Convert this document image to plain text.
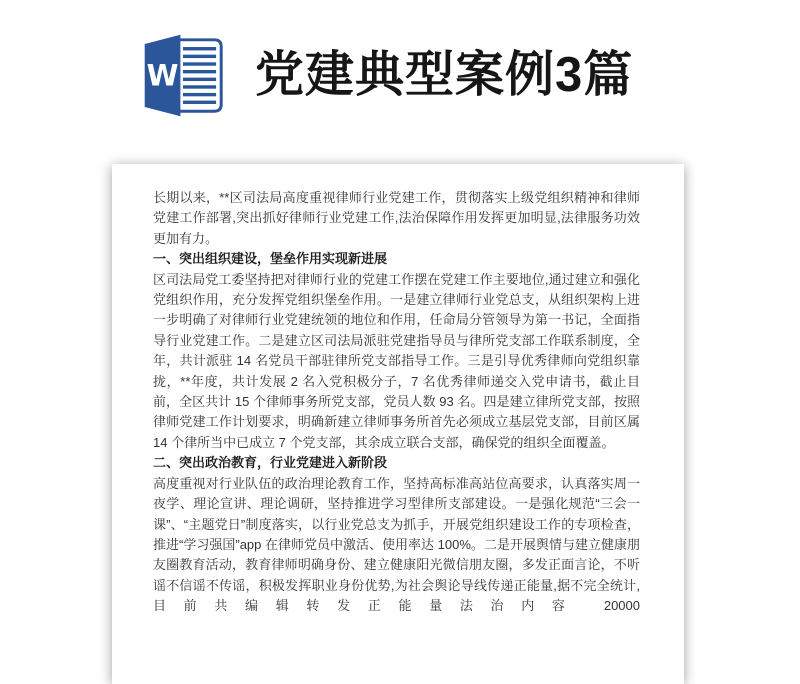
W 党建典型案例3篇
长期以来，**区司法局高度重视律师行业党建工作，贯彻落实上级党组织精神和律师党建工作部署,突出抓好律师行业党建工作,法治保障作用发挥更加明显,法律服务功效更加有力。
一、突出组织建设，堡垒作用实现新进展
区司法局党工委坚持把对律师行业的党建工作摆在党建工作主要地位,通过建立和强化党组织作用，充分发挥党组织堡垒作用。一是建立律师行业党总支，从组织架构上进一步明确了对律师行业党建统领的地位和作用，任命局分管领导为第一书记，全面指导行业党建工作。二是建立区司法局派驻党建指导员与律所党支部工作联系制度，全年，共计派驻 14 名党员干部驻律所党支部指导工作。三是引导优秀律师向党组织靠拢，**年度，共计发展 2 名入党积极分子，7 名优秀律师递交入党申请书，截止目前，全区共计 15 个律师事务所党支部，党员人数 93 名。四是建立律所党支部，按照律师党建工作计划要求，明确新建立律师事务所首先必须成立基层党支部，目前区属 14 个律所当中已成立 7 个党支部，其余成立联合支部，确保党的组织全面覆盖。
二、突出政治教育，行业党建进入新阶段
高度重视对行业队伍的政治理论教育工作，坚持高标准高站位高要求，认真落实周一夜学、理论宣讲、理论调研，坚持推进学习型律所支部建设。一是强化规范“三会一课”、“主题党日”制度落实，以行业党总支为抓手，开展党组织建设工作的专项检查，推进“学习强国”app 在律师党员中激活、使用率达 100%。二是开展舆情与建立健康朋友圈教育活动，教育律师明确身份、建立健康阳光微信朋友圈，多发正面言论，不听谣不信谣不传谣，积极发挥职业身份优势,为社会舆论导线传递正能量,据不完全统计,目前共编辑转发正能量法治内容 20000
